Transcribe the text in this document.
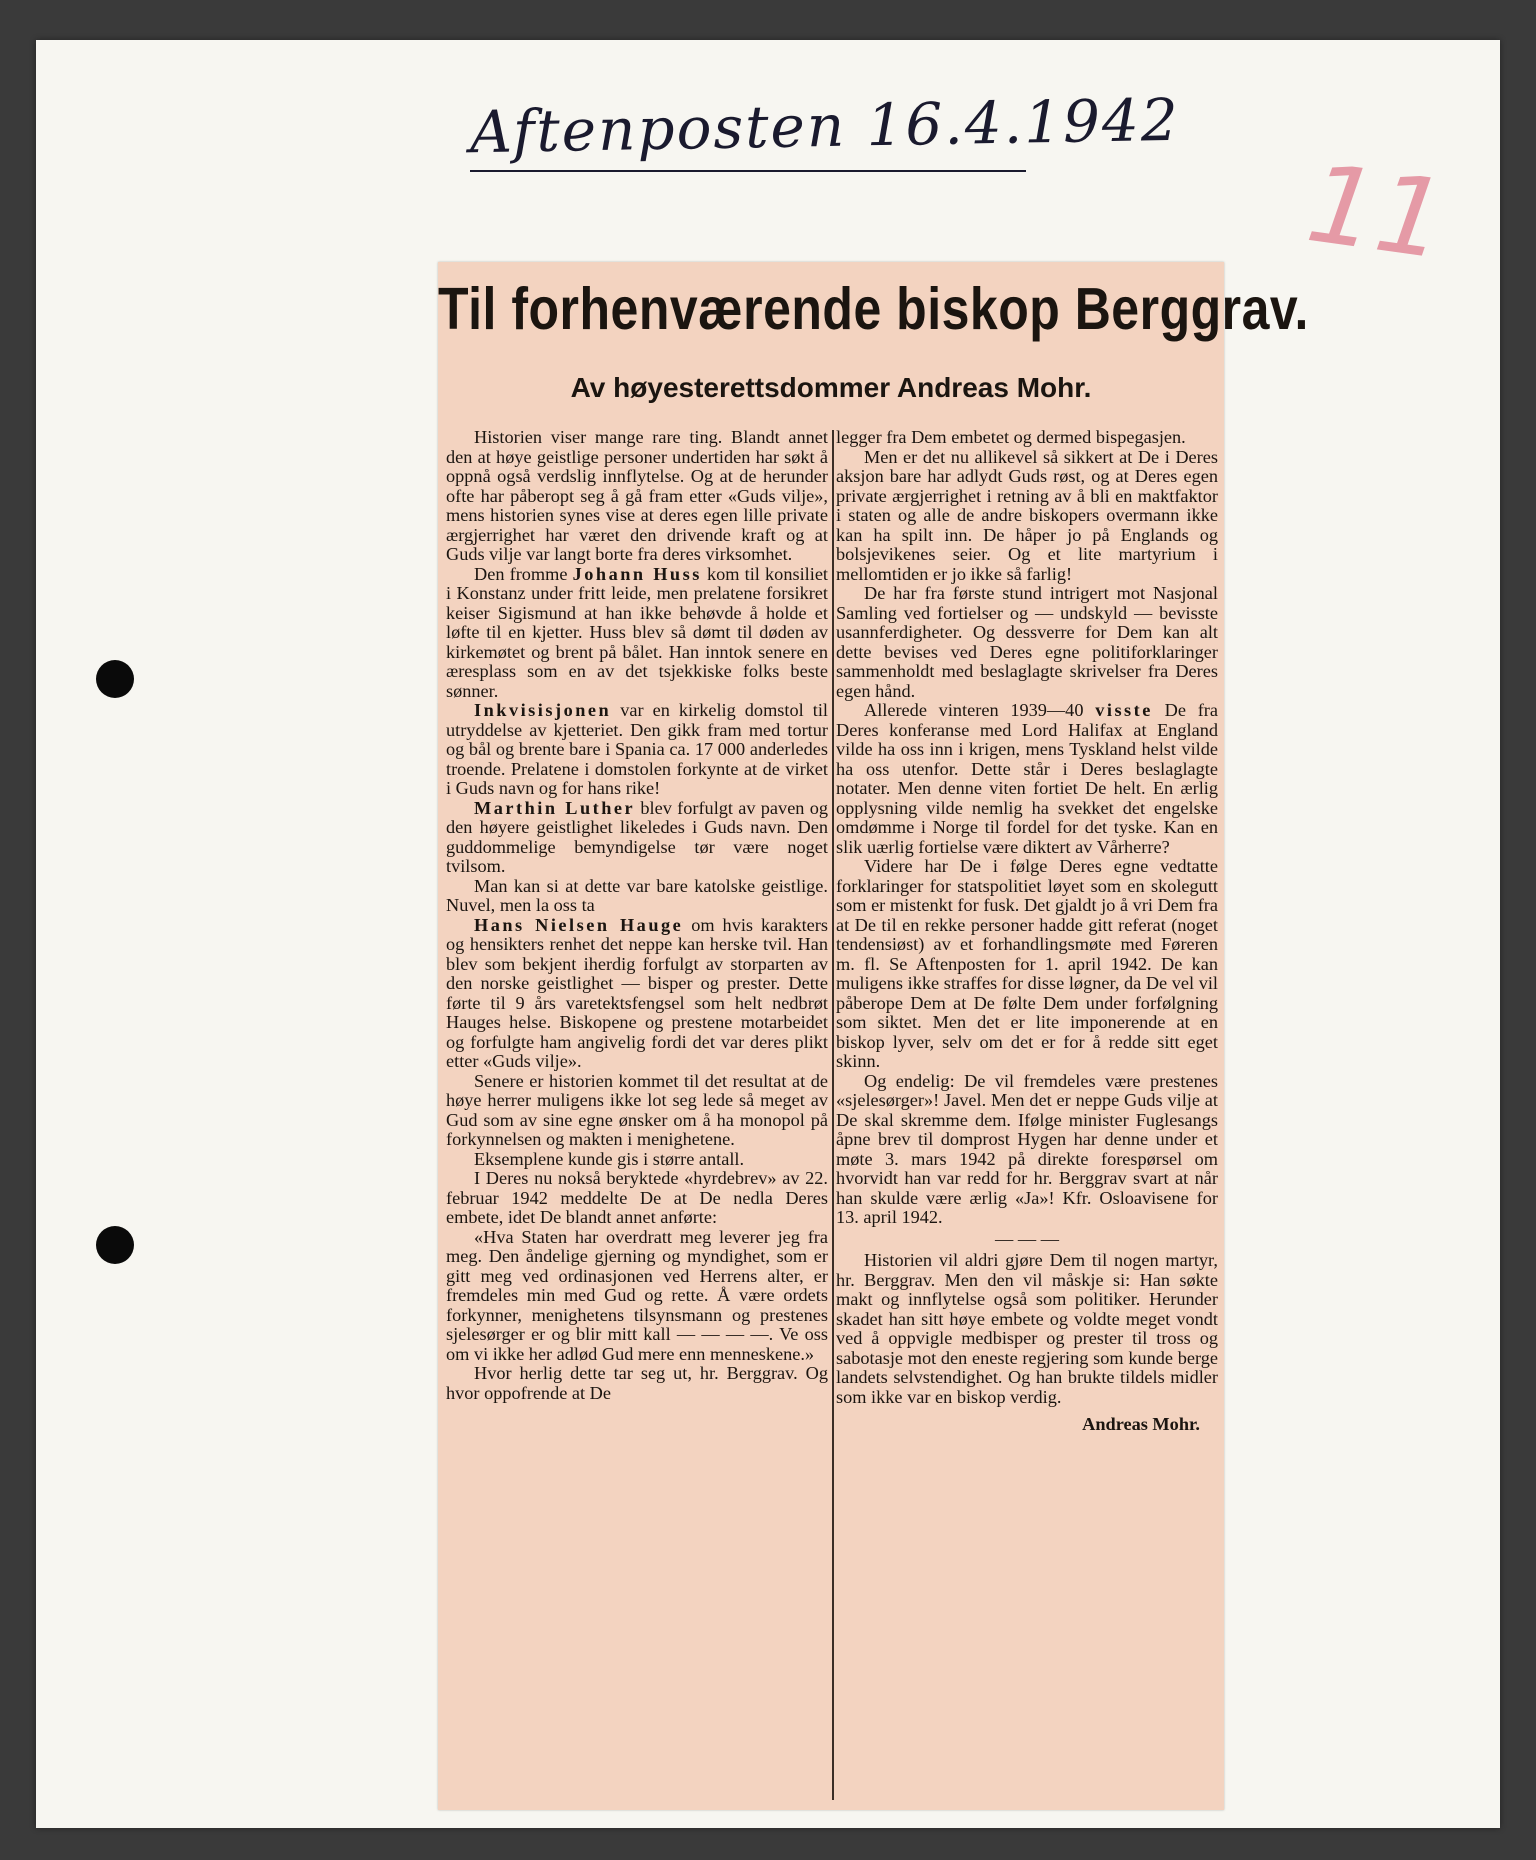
Aftenposten 16.4.1942
11
Til forhenværende biskop Berggrav.
Av høyesterettsdommer Andreas Mohr.

Historien viser mange rare ting. Blandt annet den at høye geistlige personer undertiden har søkt å oppnå også verdslig innflytelse. Og at de herunder ofte har påberopt seg å gå fram etter «Guds vilje», mens historien synes vise at deres egen lille private ærgjerrighet har været den drivende kraft og at Guds vilje var langt borte fra deres virksomhet.

Den fromme Johann Huss kom til konsiliet i Konstanz under fritt leide, men prelatene forsikret keiser Sigismund at han ikke behøvde å holde et løfte til en kjetter. Huss blev så dømt til døden av kirkemøtet og brent på bålet. Han inntok senere en æresplass som en av det tsjekkiske folks beste sønner.

Inkvisisjonen var en kirkelig domstol til utryddelse av kjetteriet. Den gikk fram med tortur og bål og brente bare i Spania ca. 17 000 anderledes troende. Prelatene i domstolen forkynte at de virket i Guds navn og for hans rike!

Marthin Luther blev forfulgt av paven og den høyere geistlighet likeledes i Guds navn. Den guddommelige bemyndigelse tør være noget tvilsom.

Man kan si at dette var bare katolske geistlige. Nuvel, men la oss ta

Hans Nielsen Hauge om hvis karakters og hensikters renhet det neppe kan herske tvil. Han blev som bekjent iherdig forfulgt av storparten av den norske geistlighet — bisper og prester. Dette førte til 9 års varetektsfengsel som helt nedbrøt Hauges helse. Biskopene og prestene motarbeidet og forfulgte ham angivelig fordi det var deres plikt etter «Guds vilje».

Senere er historien kommet til det resultat at de høye herrer muligens ikke lot seg lede så meget av Gud som av sine egne ønsker om å ha monopol på forkynnelsen og makten i menighetene.

Eksemplene kunde gis i større antall.

I Deres nu nokså beryktede «hyrdebrev» av 22. februar 1942 meddelte De at De nedla Deres embete, idet De blandt annet anførte:

«Hva Staten har overdratt meg leverer jeg fra meg. Den åndelige gjerning og myndighet, som er gitt meg ved ordinasjonen ved Herrens alter, er fremdeles min med Gud og rette. Å være ordets forkynner, menighetens tilsynsmann og prestenes sjelesørger er og blir mitt kall — — — —. Ve oss om vi ikke her adlød Gud mere enn menneskene.»

Hvor herlig dette tar seg ut, hr. Berggrav. Og hvor oppofrende at De

legger fra Dem embetet og dermed bispegasjen.

Men er det nu allikevel så sikkert at De i Deres aksjon bare har adlydt Guds røst, og at Deres egen private ærgjerrighet i retning av å bli en maktfaktor i staten og alle de andre biskopers overmann ikke kan ha spilt inn. De håper jo på Englands og bolsjevikenes seier. Og et lite martyrium i mellomtiden er jo ikke så farlig!

De har fra første stund intrigert mot Nasjonal Samling ved fortielser og — undskyld — bevisste usannferdigheter. Og dessverre for Dem kan alt dette bevises ved Deres egne politiforklaringer sammenholdt med beslaglagte skrivelser fra Deres egen hånd.

Allerede vinteren 1939—40 visste De fra Deres konferanse med Lord Halifax at England vilde ha oss inn i krigen, mens Tyskland helst vilde ha oss utenfor. Dette står i Deres beslaglagte notater. Men denne viten fortiet De helt. En ærlig opplysning vilde nemlig ha svekket det engelske omdømme i Norge til fordel for det tyske. Kan en slik uærlig fortielse være diktert av Vårherre?

Videre har De i følge Deres egne vedtatte forklaringer for statspolitiet løyet som en skolegutt som er mistenkt for fusk. Det gjaldt jo å vri Dem fra at De til en rekke personer hadde gitt referat (noget tendensiøst) av et forhandlingsmøte med Føreren m. fl. Se Aftenposten for 1. april 1942. De kan muligens ikke straffes for disse løgner, da De vel vil påberope Dem at De følte Dem under forfølgning som siktet. Men det er lite imponerende at en biskop lyver, selv om det er for å redde sitt eget skinn.

Og endelig: De vil fremdeles være prestenes «sjelesørger»! Javel. Men det er neppe Guds vilje at De skal skremme dem. Ifølge minister Fuglesangs åpne brev til domprost Hygen har denne under et møte 3. mars 1942 på direkte forespørsel om hvorvidt han var redd for hr. Berggrav svart at når han skulde være ærlig «Ja»! Kfr. Osloavisene for 13. april 1942.

— — —

Historien vil aldri gjøre Dem til nogen martyr, hr. Berggrav. Men den vil måskje si: Han søkte makt og innflytelse også som politiker. Herunder skadet han sitt høye embete og voldte meget vondt ved å oppvigle medbisper og prester til tross og sabotasje mot den eneste regjering som kunde berge landets selvstendighet. Og han brukte tildels midler som ikke var en biskop verdig.

Andreas Mohr.
